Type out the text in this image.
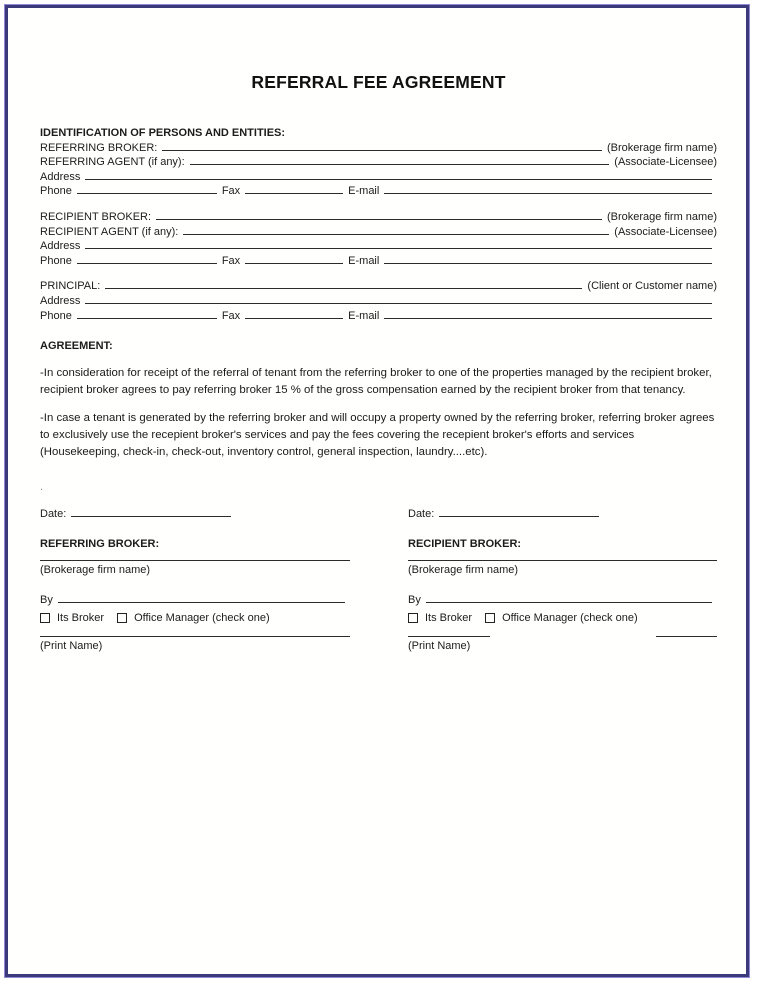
REFERRAL FEE AGREEMENT
IDENTIFICATION OF PERSONS AND ENTITIES:
REFERRING BROKER:	(Brokerage firm name)
REFERRING AGENT (if any):	(Associate-Licensee)
Address
Phone	Fax	E-mail
RECIPIENT BROKER:	(Brokerage firm name)
RECIPIENT AGENT (if any):	(Associate-Licensee)
Address
Phone	Fax	E-mail
PRINCIPAL:	(Client or Customer name)
Address
Phone	Fax	E-mail
AGREEMENT:

-In consideration for receipt of the referral of tenant from the referring broker to one of the properties managed by the recipient broker, recipient broker agrees to pay referring broker 15 % of the gross compensation earned by the recipient broker from that tenancy.

-In case a tenant is generated by the referring broker and will occupy a property owned by the referring broker, referring broker agrees to exclusively use the recepient broker's services and pay the fees covering the recepient broker's efforts and services (Housekeeping, check-in, check-out, inventory control, general inspection, laundry....etc).

.
Date:
REFERRING BROKER:
(Brokerage firm name)
By
Its Broker	Office Manager (check one)
(Print Name)
Date:
RECIPIENT BROKER:
(Brokerage firm name)
By
Its Broker	Office Manager (check one)
(Print Name)
